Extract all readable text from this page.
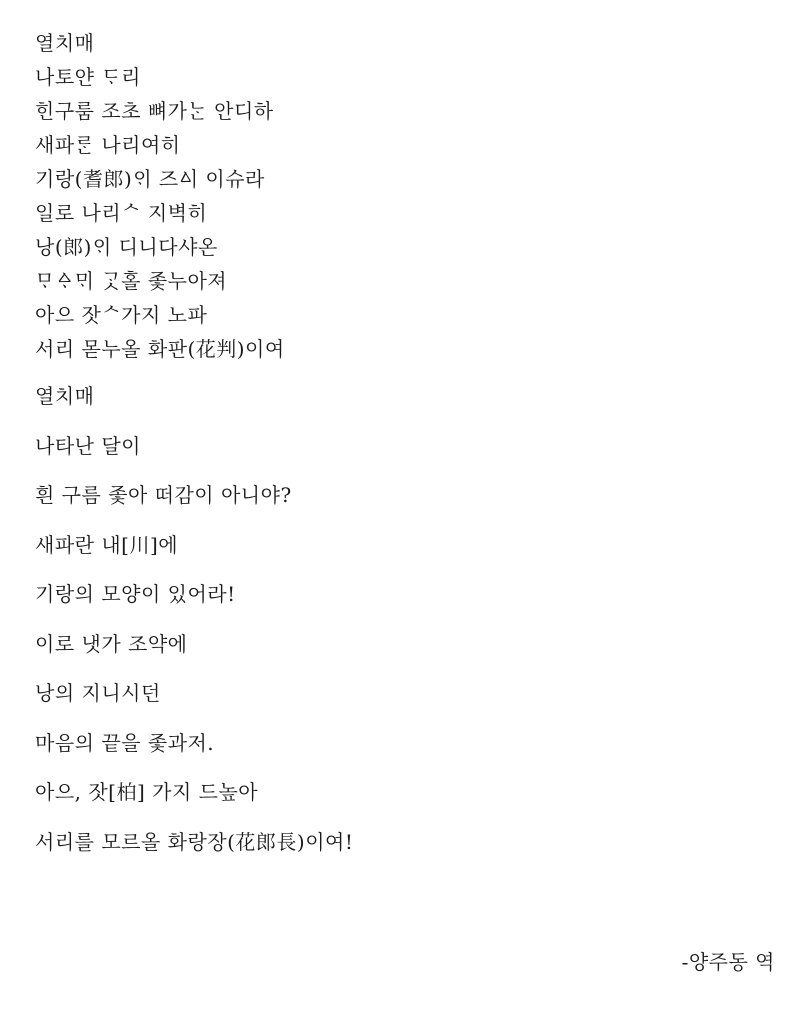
열치매
나토얀 ᄃᆞ리
힌구룸 조초 뼈가ᄂᆞᆫ 안디하
새파ᄅᆞᆫ 나리여히
기랑(耆郎)ᄋᆡ 즈ᅀᅵ 이슈라
일로 나리ᄉ 지벽히
낭(郎)ᄋᆡ 디니다샤온
ᄆᆞᅀᆞᄆᆡ ᄀᆞᆺ홀 좇누아져
아으 잣ᄉ가지 노파
서리 몯누올 화판(花判)이여
열치매
나타난 달이
흰 구름 좇아 떠감이 아니야?
새파란 내[川]에
기랑의 모양이 있어라!
이로 냇가 조약에
낭의 지니시던
마음의 끝을 좇과저.
아으, 잣[柏] 가지 드높아
서리를 모르올 화랑장(花郎長)이여!
-양주동 역
